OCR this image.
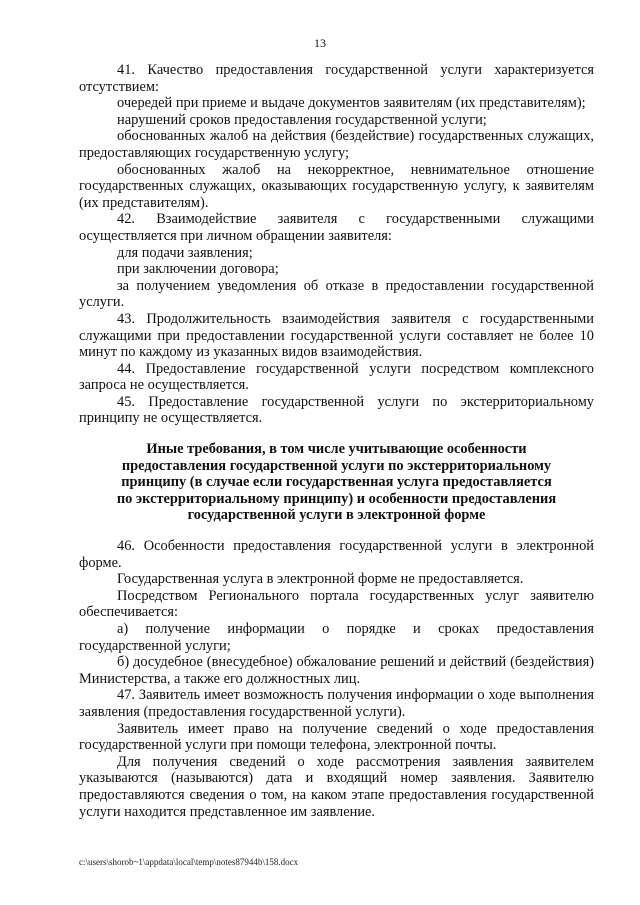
13

41. Качество предоставления государственной услуги характеризуется отсутствием:

очередей при приеме и выдаче документов заявителям (их представителям);

нарушений сроков предоставления государственной услуги;

обоснованных жалоб на действия (бездействие) государственных служащих, предоставляющих государственную услугу;

обоснованных жалоб на некорректное, невнимательное отношение государственных служащих, оказывающих государственную услугу, к заявителям (их представителям).

42. Взаимодействие заявителя с государственными служащими осуществляется при личном обращении заявителя:

для подачи заявления;

при заключении договора;

за получением уведомления об отказе в предоставлении государственной услуги.

43. Продолжительность взаимодействия заявителя с государственными служащими при предоставлении государственной услуги составляет не более 10 минут по каждому из указанных видов взаимодействия.

44. Предоставление государственной услуги посредством комплексного запроса не осуществляется.

45. Предоставление государственной услуги по экстерриториальному принципу не осуществляется.

Иные требования, в том числе учитывающие особенности
предоставления государственной услуги по экстерриториальному
принципу (в случае если государственная услуга предоставляется
по экстерриториальному принципу) и особенности предоставления
государственной услуги в электронной форме

46. Особенности предоставления государственной услуги в электронной форме.

Государственная услуга в электронной форме не предоставляется.

Посредством Регионального портала государственных услуг заявителю обеспечивается:

а) получение информации о порядке и сроках предоставления государственной услуги;

б) досудебное (внесудебное) обжалование решений и действий (бездействия) Министерства, а также его должностных лиц.

47. Заявитель имеет возможность получения информации о ходе выполнения заявления (предоставления государственной услуги).

Заявитель имеет право на получение сведений о ходе предоставления государственной услуги при помощи телефона, электронной почты.

Для получения сведений о ходе рассмотрения заявления заявителем указываются (называются) дата и входящий номер заявления. Заявителю предоставляются сведения о том, на каком этапе предоставления государственной услуги находится представленное им заявление.

c:\users\shorob~1\appdata\local\temp\notes87944b\158.docx
